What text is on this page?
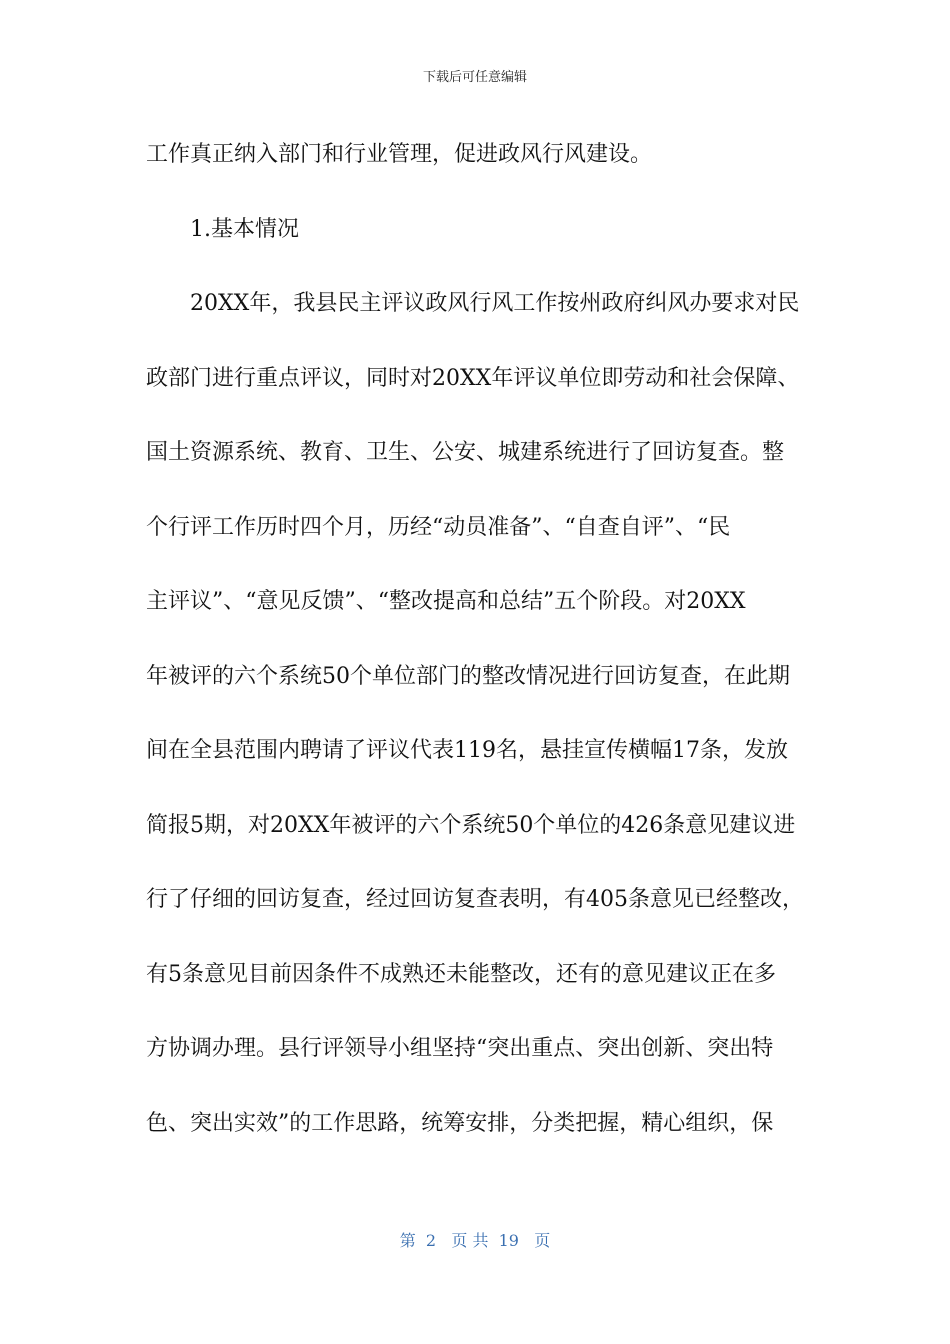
下载后可任意编辑
工作真正纳入部门和行业管理，促进政风行风建设。
1.基本情况
20XX年，我县民主评议政风行风工作按州政府纠风办要求对民
政部门进行重点评议，同时对20XX年评议单位即劳动和社会保障、
国土资源系统、教育、卫生、公安、城建系统进行了回访复查。整
个行评工作历时四个月，历经“动员准备”、“自查自评”、“民
主评议”、“意见反馈”、“整改提高和总结”五个阶段。对20XX
年被评的六个系统50个单位部门的整改情况进行回访复查，在此期
间在全县范围内聘请了评议代表119名，悬挂宣传横幅17条，发放
简报5期，对20XX年被评的六个系统50个单位的426条意见建议进
行了仔细的回访复查，经过回访复查表明，有405条意见已经整改，
有5条意见目前因条件不成熟还未能整改，还有的意见建议正在多
方协调办理。县行评领导小组坚持“突出重点、突出创新、突出特
色、突出实效”的工作思路，统筹安排，分类把握，精心组织，保
第  2   页 共  19   页
